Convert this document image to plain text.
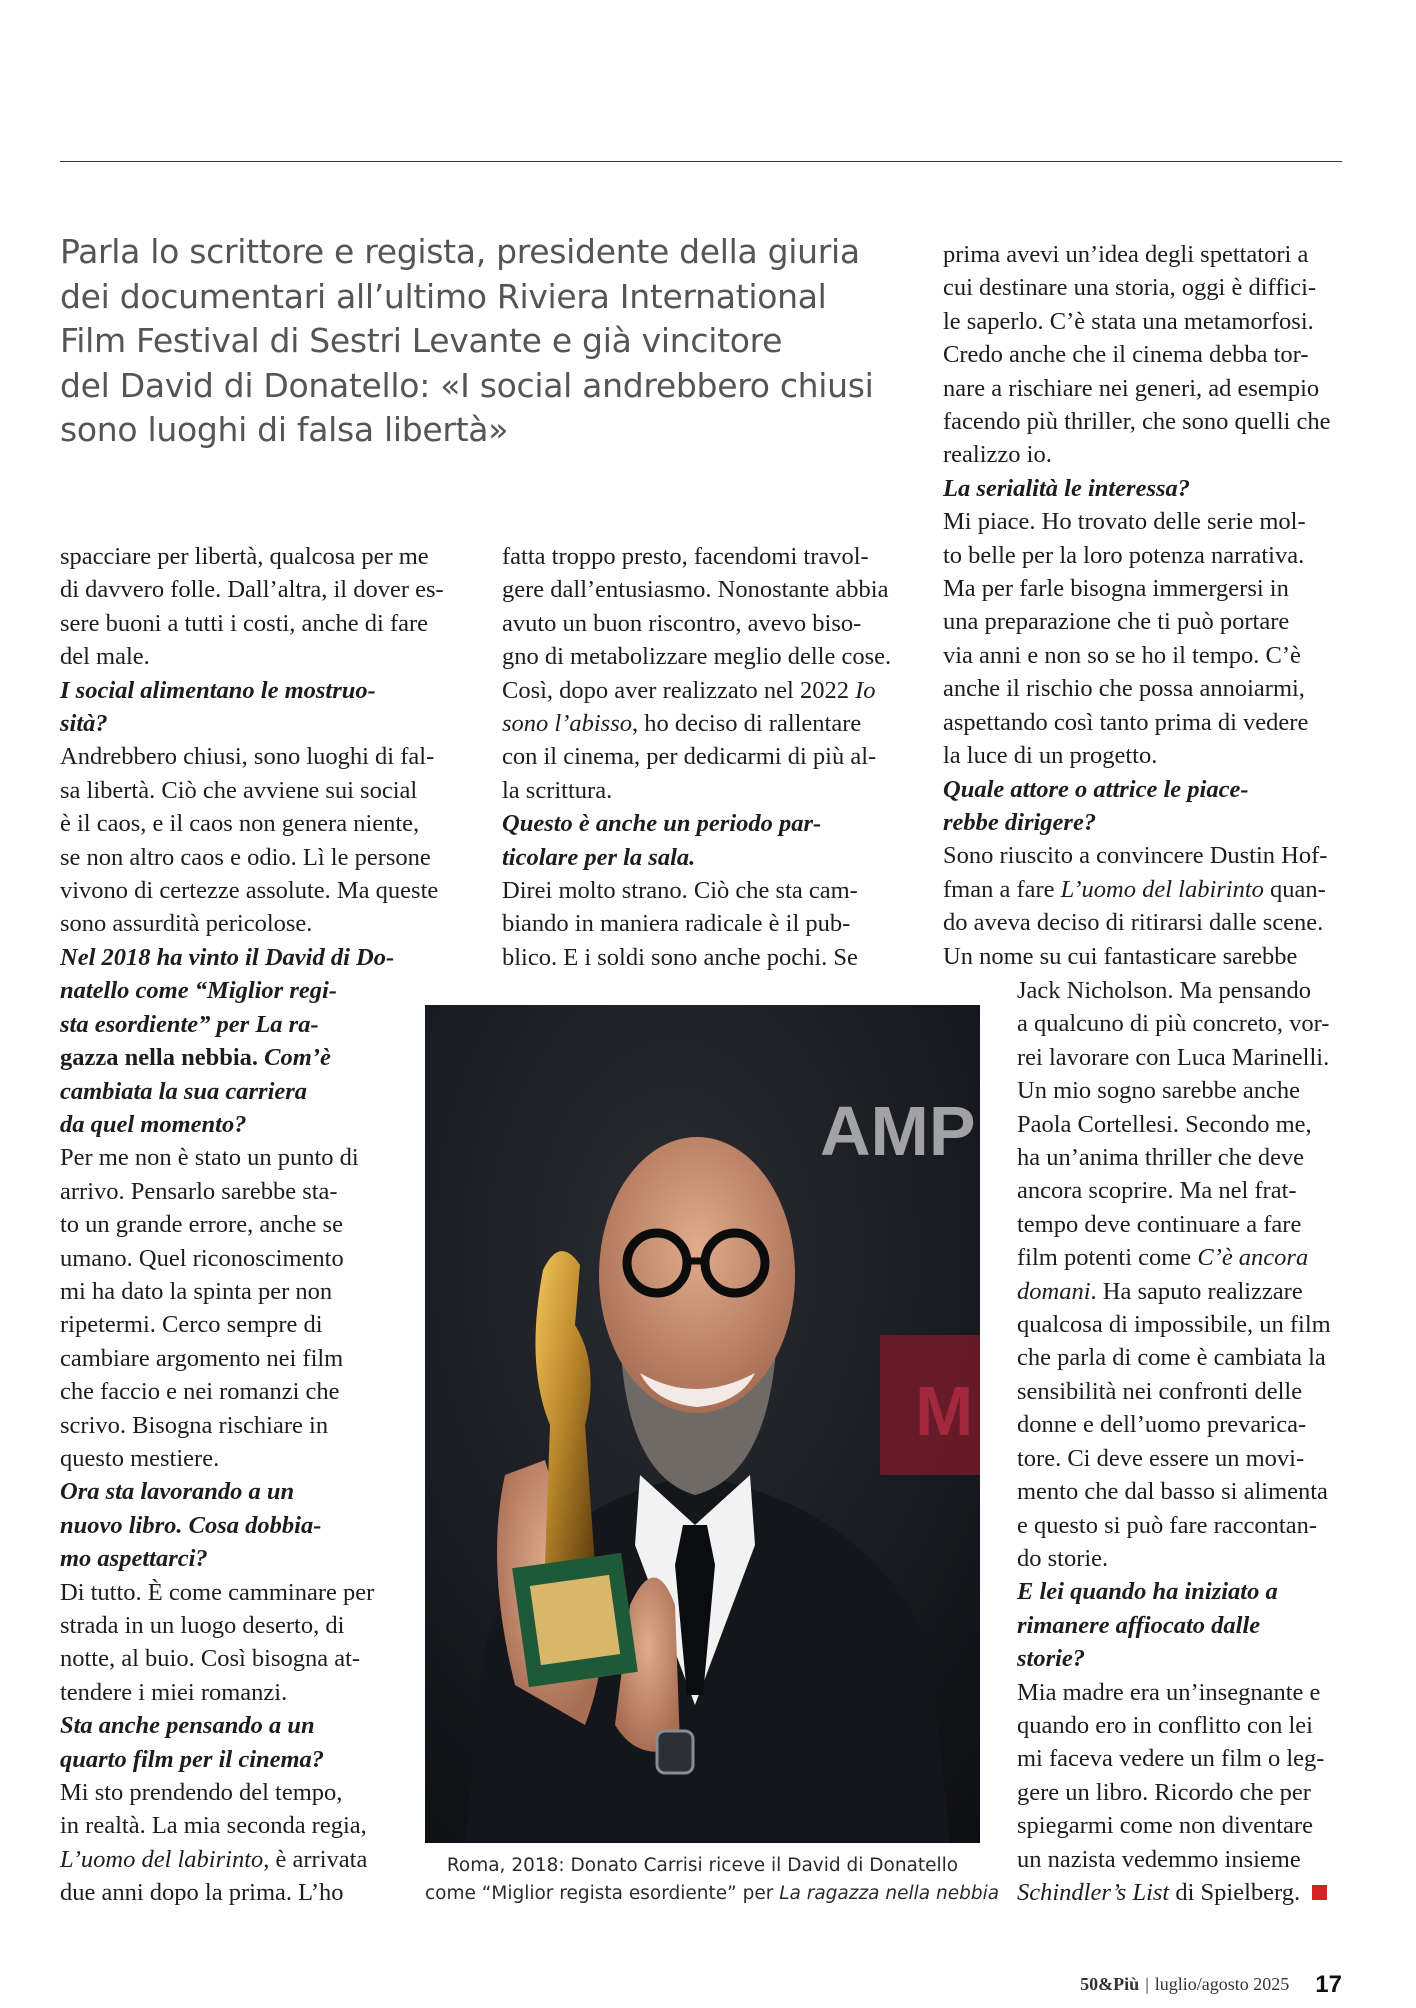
Parla lo scrittore e regista, presidente della giuria
dei documentari all’ultimo Riviera International
Film Festival di Sestri Levante e già vincitore
del David di Donatello: «I social andrebbero chiusi
sono luoghi di falsa libertà»
spacciare per libertà, qualcosa per me
di davvero folle. Dall’altra, il dover es-
sere buoni a tutti i costi, anche di fare
del male.
I social alimentano le mostruo-
sità?
Andrebbero chiusi, sono luoghi di fal-
sa libertà. Ciò che avviene sui social
è il caos, e il caos non genera niente,
se non altro caos e odio. Lì le persone
vivono di certezze assolute. Ma queste
sono assurdità pericolose.
Nel 2018 ha vinto il David di Do-
natello come “Miglior regi-
sta esordiente” per La ra-
gazza nella nebbia. Com’è
cambiata la sua carriera
da quel momento?
Per me non è stato un punto di
arrivo. Pensarlo sarebbe sta-
to un grande errore, anche se
umano. Quel riconoscimento
mi ha dato la spinta per non
ripetermi. Cerco sempre di
cambiare argomento nei film
che faccio e nei romanzi che
scrivo. Bisogna rischiare in
questo mestiere.
Ora sta lavorando a un
nuovo libro. Cosa dobbia-
mo aspettarci?
Di tutto. È come camminare per
strada in un luogo deserto, di
notte, al buio. Così bisogna at-
tendere i miei romanzi.
Sta anche pensando a un
quarto film per il cinema?
Mi sto prendendo del tempo,
in realtà. La mia seconda regia,
L’uomo del labirinto, è arrivata
due anni dopo la prima. L’ho
fatta troppo presto, facendomi travol-
gere dall’entusiasmo. Nonostante abbia
avuto un buon riscontro, avevo biso-
gno di metabolizzare meglio delle cose.
Così, dopo aver realizzato nel 2022 Io
sono l’abisso, ho deciso di rallentare
con il cinema, per dedicarmi di più al-
la scrittura.
Questo è anche un periodo par-
ticolare per la sala.
Direi molto strano. Ciò che sta cam-
biando in maniera radicale è il pub-
blico. E i soldi sono anche pochi. Se
prima avevi un’idea degli spettatori a
cui destinare una storia, oggi è diffici-
le saperlo. C’è stata una metamorfosi.
Credo anche che il cinema debba tor-
nare a rischiare nei generi, ad esempio
facendo più thriller, che sono quelli che
realizzo io.
La serialità le interessa?
Mi piace. Ho trovato delle serie mol-
to belle per la loro potenza narrativa.
Ma per farle bisogna immergersi in
una preparazione che ti può portare
via anni e non so se ho il tempo. C’è
anche il rischio che possa annoiarmi,
aspettando così tanto prima di vedere
la luce di un progetto.
Quale attore o attrice le piace-
rebbe dirigere?
Sono riuscito a convincere Dustin Hof-
fman a fare L’uomo del labirinto quan-
do aveva deciso di ritirarsi dalle scene.
Un nome su cui fantasticare sarebbe
Jack Nicholson. Ma pensando
a qualcuno di più concreto, vor-
rei lavorare con Luca Marinelli.
Un mio sogno sarebbe anche
Paola Cortellesi. Secondo me,
ha un’anima thriller che deve
ancora scoprire. Ma nel frat-
tempo deve continuare a fare
film potenti come C’è ancora
domani. Ha saputo realizzare
qualcosa di impossibile, un film
che parla di come è cambiata la
sensibilità nei confronti delle
donne e dell’uomo prevarica-
tore. Ci deve essere un movi-
mento che dal basso si alimenta
e questo si può fare raccontan-
do storie.
E lei quando ha iniziato a
rimanere affiocato dalle
storie?
Mia madre era un’insegnante e
quando ero in conflitto con lei
mi faceva vedere un film o leg-
gere un libro. Ricordo che per
spiegarmi come non diventare
un nazista vedemmo insieme
Schindler’s List di Spielberg.
AMP
M
Roma, 2018: Donato Carrisi riceve il David di Donatello
come “Miglior regista esordiente” per La ragazza nella nebbia
50&Più | luglio/agosto 2025 17
